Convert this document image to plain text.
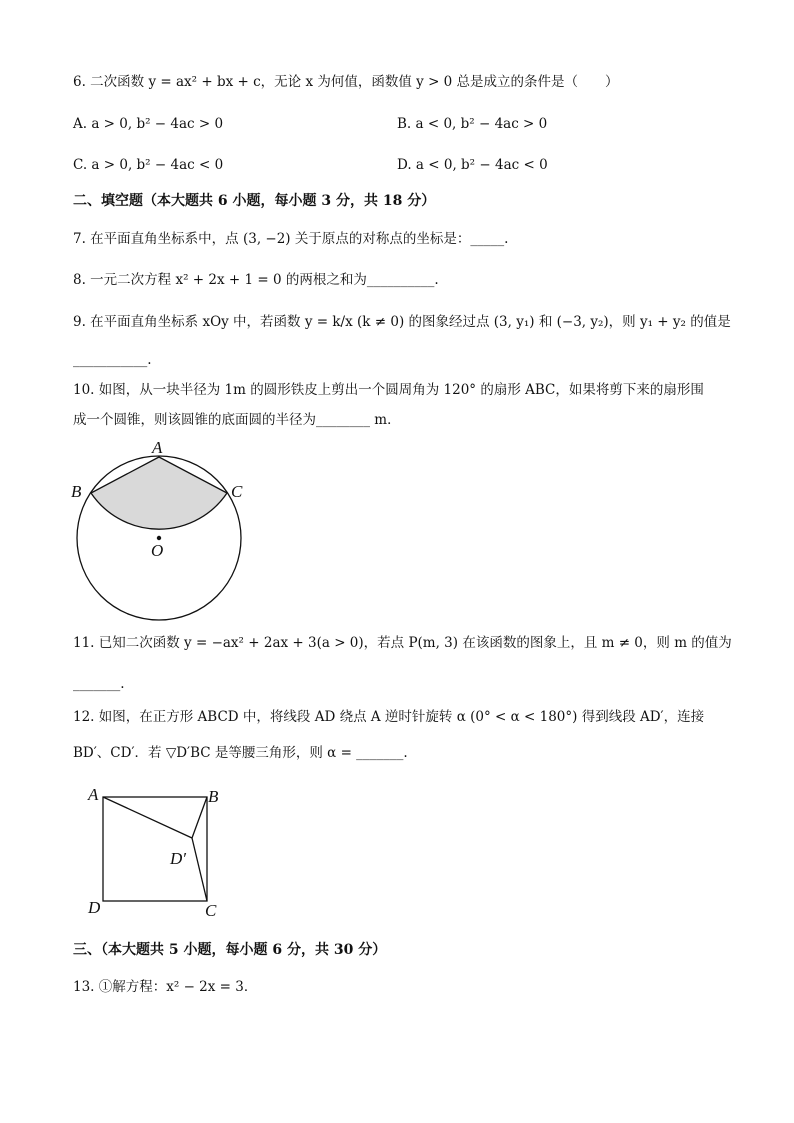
6. 二次函数 y = ax² + bx + c，无论 x 为何值，函数值 y > 0 总是成立的条件是（　　）
A. a > 0, b² − 4ac > 0	B. a < 0, b² − 4ac > 0
C. a > 0, b² − 4ac < 0	D. a < 0, b² − 4ac < 0
二、填空题（本大题共 6 小题，每小题 3 分，共 18 分）
7. 在平面直角坐标系中，点 (3, −2) 关于原点的对称点的坐标是：_____.
8. 一元二次方程 x² + 2x + 1 = 0 的两根之和为__________.
9. 在平面直角坐标系 xOy 中，若函数 y = k/x (k ≠ 0) 的图象经过点 (3, y₁) 和 (−3, y₂)，则 y₁ + y₂ 的值是
___________.
10. 如图，从一块半径为 1m 的圆形铁皮上剪出一个圆周角为 120° 的扇形 ABC，如果将剪下来的扇形围
成一个圆锥，则该圆锥的底面圆的半径为________ m．
A
B	C
O
11. 已知二次函数 y = −ax² + 2ax + 3(a > 0)，若点 P(m, 3) 在该函数的图象上，且 m ≠ 0，则 m 的值为
_______.
12. 如图，在正方形 ABCD 中，将线段 AD 绕点 A 逆时针旋转 α (0° < α < 180°) 得到线段 AD′，连接
BD′、CD′．若 ▽D′BC 是等腰三角形，则 α = _______.
A	B
C
D
D′
三、（本大题共 5 小题，每小题 6 分，共 30 分）
13. ①解方程：x² − 2x = 3．
